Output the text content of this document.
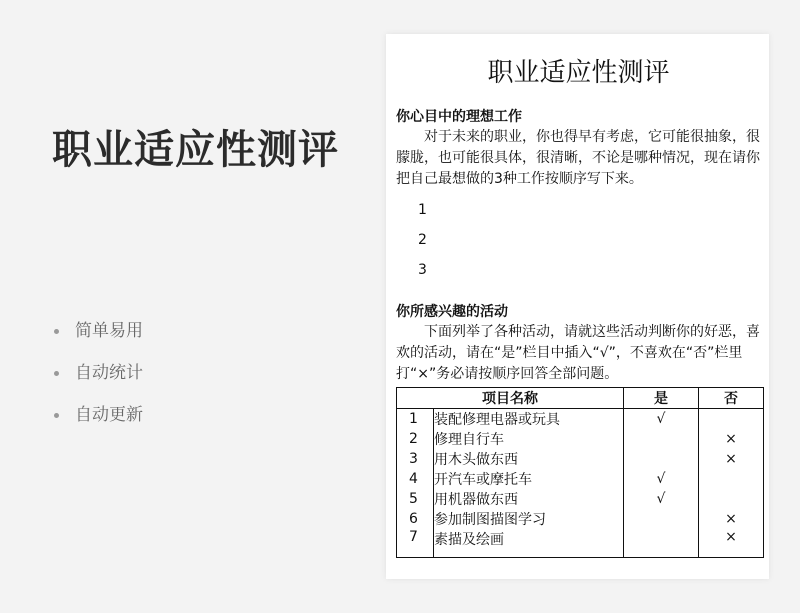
职业适应性测评
简单易用
自动统计
自动更新
职业适应性测评

你心目中的理想工作

对于未来的职业，你也得早有考虑，它可能很抽象，很朦胧，也可能很具体，很清晰，不论是哪种情况，现在请你把自己最想做的3种工作按顺序写下来。

1
2
3

你所感兴趣的活动

下面列举了各种活动，请就这些活动判断你的好恶，喜欢的活动，请在“是”栏目中插入“√”，不喜欢在“否”栏里打“×”务必请按顺序回答全部问题。

项目名称		是	否
1	装配修理电器或玩具	√	
2	修理自行车		×
3	用木头做东西		×
4	开汽车或摩托车	√	
5	用机器做东西	√	
6	参加制图描图学习		×
7	素描及绘画		×
